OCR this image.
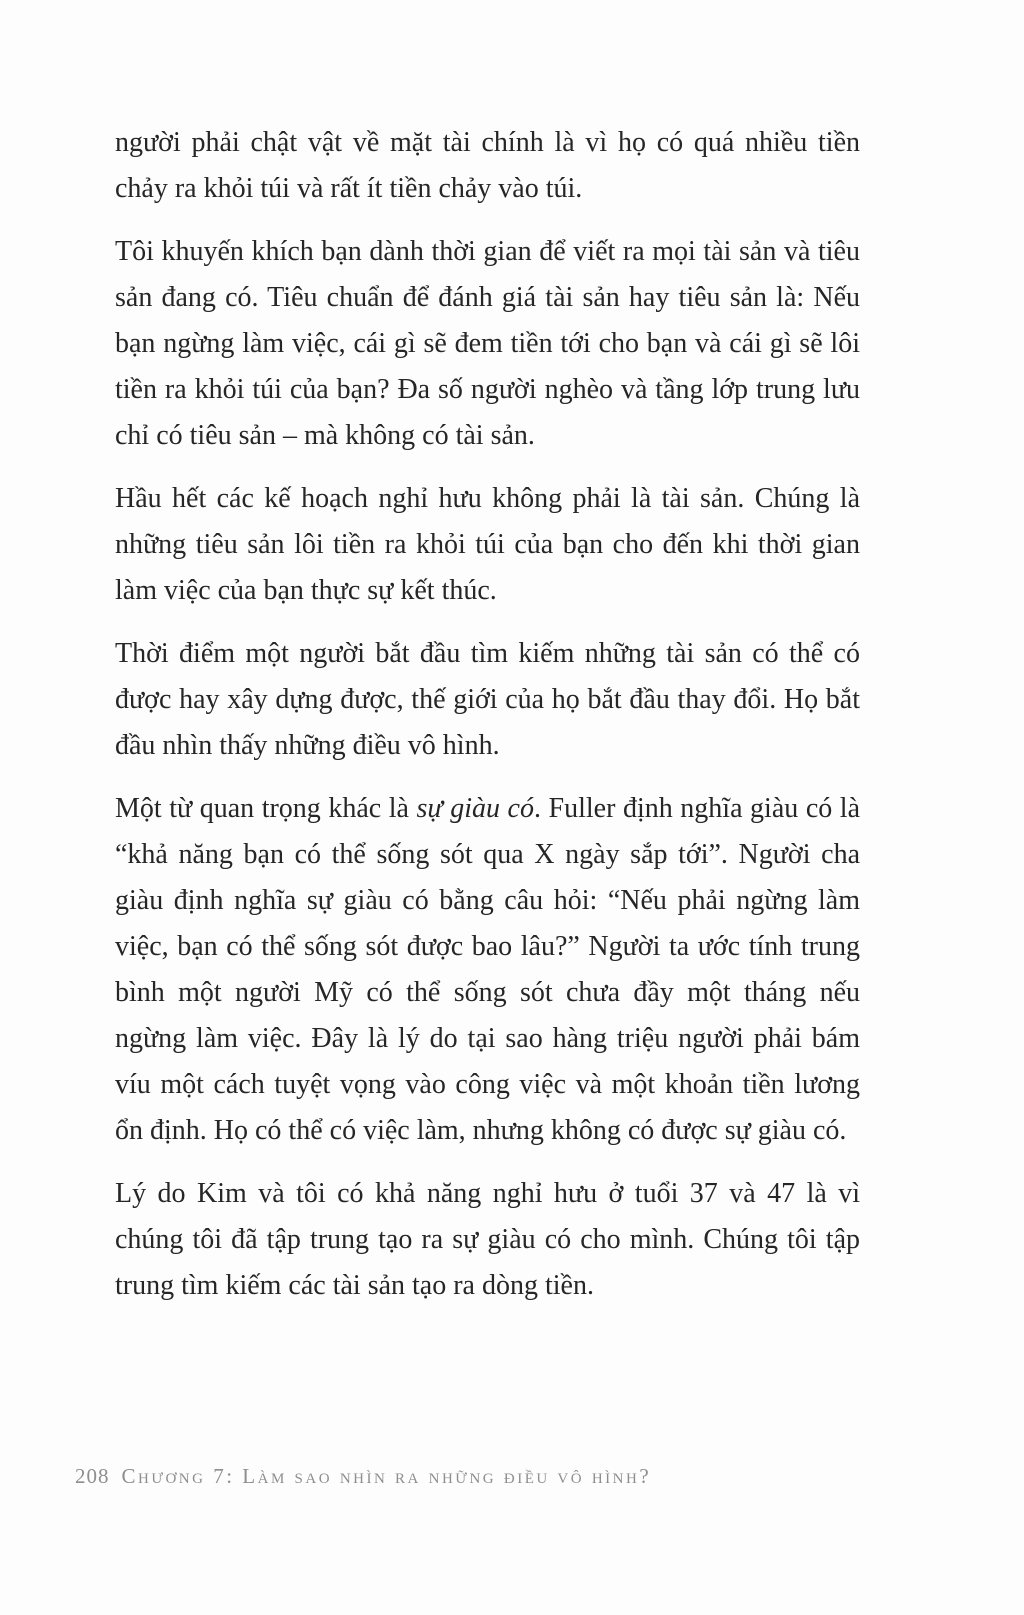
người phải chật vật về mặt tài chính là vì họ có quá nhiều tiền chảy ra khỏi túi và rất ít tiền chảy vào túi.

Tôi khuyến khích bạn dành thời gian để viết ra mọi tài sản và tiêu sản đang có. Tiêu chuẩn để đánh giá tài sản hay tiêu sản là: Nếu bạn ngừng làm việc, cái gì sẽ đem tiền tới cho bạn và cái gì sẽ lôi tiền ra khỏi túi của bạn? Đa số người nghèo và tầng lớp trung lưu chỉ có tiêu sản – mà không có tài sản.

Hầu hết các kế hoạch nghỉ hưu không phải là tài sản. Chúng là những tiêu sản lôi tiền ra khỏi túi của bạn cho đến khi thời gian làm việc của bạn thực sự kết thúc.

Thời điểm một người bắt đầu tìm kiếm những tài sản có thể có được hay xây dựng được, thế giới của họ bắt đầu thay đổi. Họ bắt đầu nhìn thấy những điều vô hình.

Một từ quan trọng khác là sự giàu có. Fuller định nghĩa giàu có là “khả năng bạn có thể sống sót qua X ngày sắp tới”. Người cha giàu định nghĩa sự giàu có bằng câu hỏi: “Nếu phải ngừng làm việc, bạn có thể sống sót được bao lâu?” Người ta ước tính trung bình một người Mỹ có thể sống sót chưa đầy một tháng nếu ngừng làm việc. Đây là lý do tại sao hàng triệu người phải bám víu một cách tuyệt vọng vào công việc và một khoản tiền lương ổn định. Họ có thể có việc làm, nhưng không có được sự giàu có.

Lý do Kim và tôi có khả năng nghỉ hưu ở tuổi 37 và 47 là vì chúng tôi đã tập trung tạo ra sự giàu có cho mình. Chúng tôi tập trung tìm kiếm các tài sản tạo ra dòng tiền.

208 Chương 7: Làm sao nhìn ra những điều vô hình?
